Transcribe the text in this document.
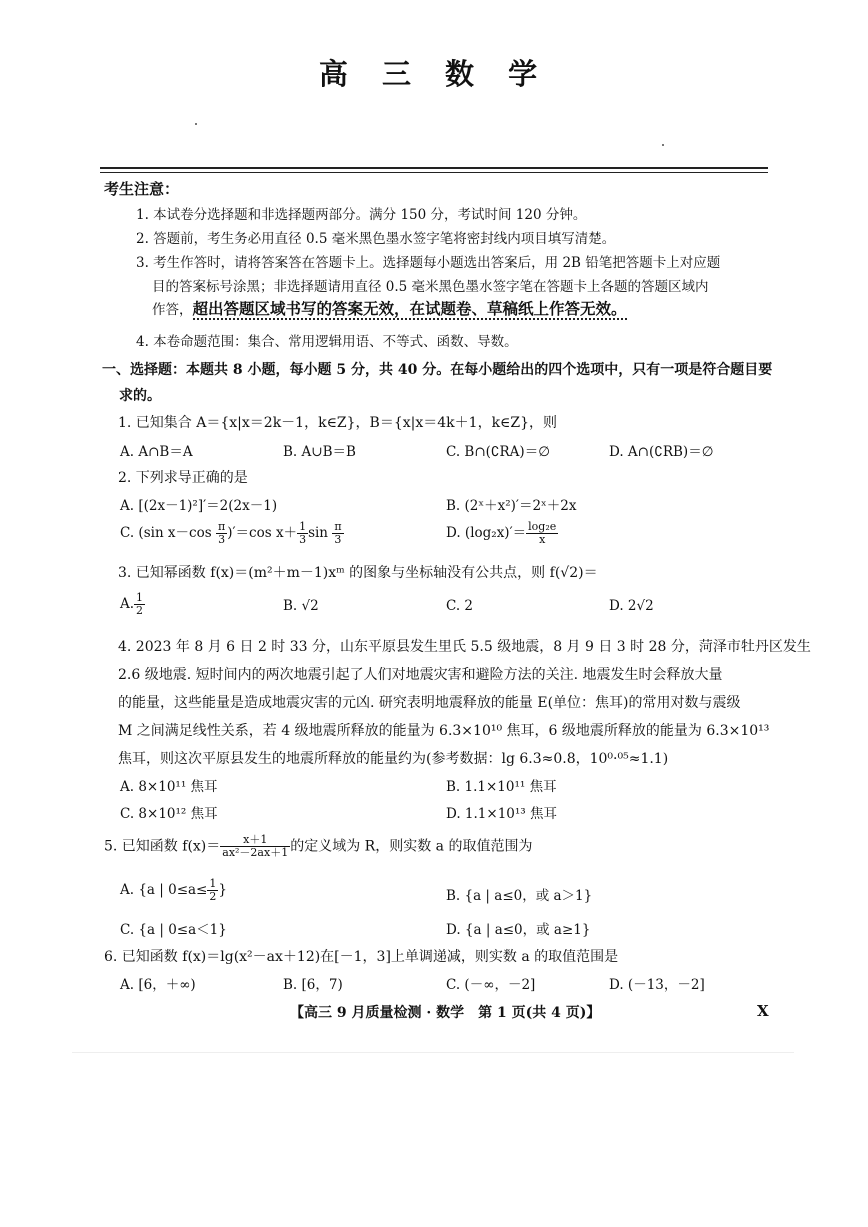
高 三 数 学
考生注意：
1. 本试卷分选择题和非选择题两部分。满分 150 分，考试时间 120 分钟。
2. 答题前，考生务必用直径 0.5 毫米黑色墨水签字笔将密封线内项目填写清楚。
3. 考生作答时，请将答案答在答题卡上。选择题每小题选出答案后，用 2B 铅笔把答题卡上对应题
目的答案标号涂黑；非选择题请用直径 0.5 毫米黑色墨水签字笔在答题卡上各题的答题区域内
作答，超出答题区域书写的答案无效，在试题卷、草稿纸上作答无效。
4. 本卷命题范围：集合、常用逻辑用语、不等式、函数、导数。
一、选择题：本题共 8 小题，每小题 5 分，共 40 分。在每小题给出的四个选项中，只有一项是符合题目要
求的。
1. 已知集合 A＝{x|x＝2k－1，k∈Z}，B＝{x|x＝4k＋1，k∈Z}，则
A. A∩B＝A	B. A∪B＝B	C. B∩(∁RA)＝∅	D. A∩(∁RB)＝∅
2. 下列求导正确的是
A. [(2x－1)²]′＝2(2x－1)	B. (2ˣ＋x²)′＝2ˣ＋2x
C. (sin $x-\cos \frac{\pi}{3} )'=\cos$ $x+ \frac{1}{3}$ $\sin \frac{\pi}{3}$	D. $(\log_2x)'= \frac{\text{log₂e}}{x}$
3. 已知幂函数 f(x)＝(m²＋m－1)xᵐ 的图象与坐标轴没有公共点，则 f(√2)＝
A. $\frac{1}{2}$	B. √2	C. 2	D. 2√2
4. 2023 年 8 月 6 日 2 时 33 分，山东平原县发生里氏 5.5 级地震，8 月 9 日 3 时 28 分，菏泽市牡丹区发生
2.6 级地震. 短时间内的两次地震引起了人们对地震灾害和避险方法的关注. 地震发生时会释放大量
的能量，这些能量是造成地震灾害的元凶. 研究表明地震释放的能量 E(单位：焦耳)的常用对数与震级
M 之间满足线性关系，若 4 级地震所释放的能量为 6.3×10¹⁰ 焦耳，6 级地震所释放的能量为 6.3×10¹³
焦耳，则这次平原县发生的地震所释放的能量约为(参考数据：lg 6.3≈0.8，10⁰·⁰⁵≈1.1)
A. 8×10¹¹ 焦耳	B. 1.1×10¹¹ 焦耳
C. 8×10¹² 焦耳	D. 1.1×10¹³ 焦耳
5. 已知函数 $f(x)= \frac{x+1}{\text{ax²－2ax＋1}}$ 的定义域为 R，则实数 a 的取值范围为
A. {a | $0\le a\le \frac{1}{2}$ }	B. {a | a≤0，或 a＞1}
C. {a | 0≤a＜1}	D. {a | a≤0，或 a≥1}
6. 已知函数 f(x)＝lg(x²－ax＋12)在[－1，3]上单调递减，则实数 a 的取值范围是
A. [6，＋∞)	B. [6，7)	C. (－∞，－2]	D. (－13，－2]
【高三 9 月质量检测 · 数学　第 1 页(共 4 页)】	X
